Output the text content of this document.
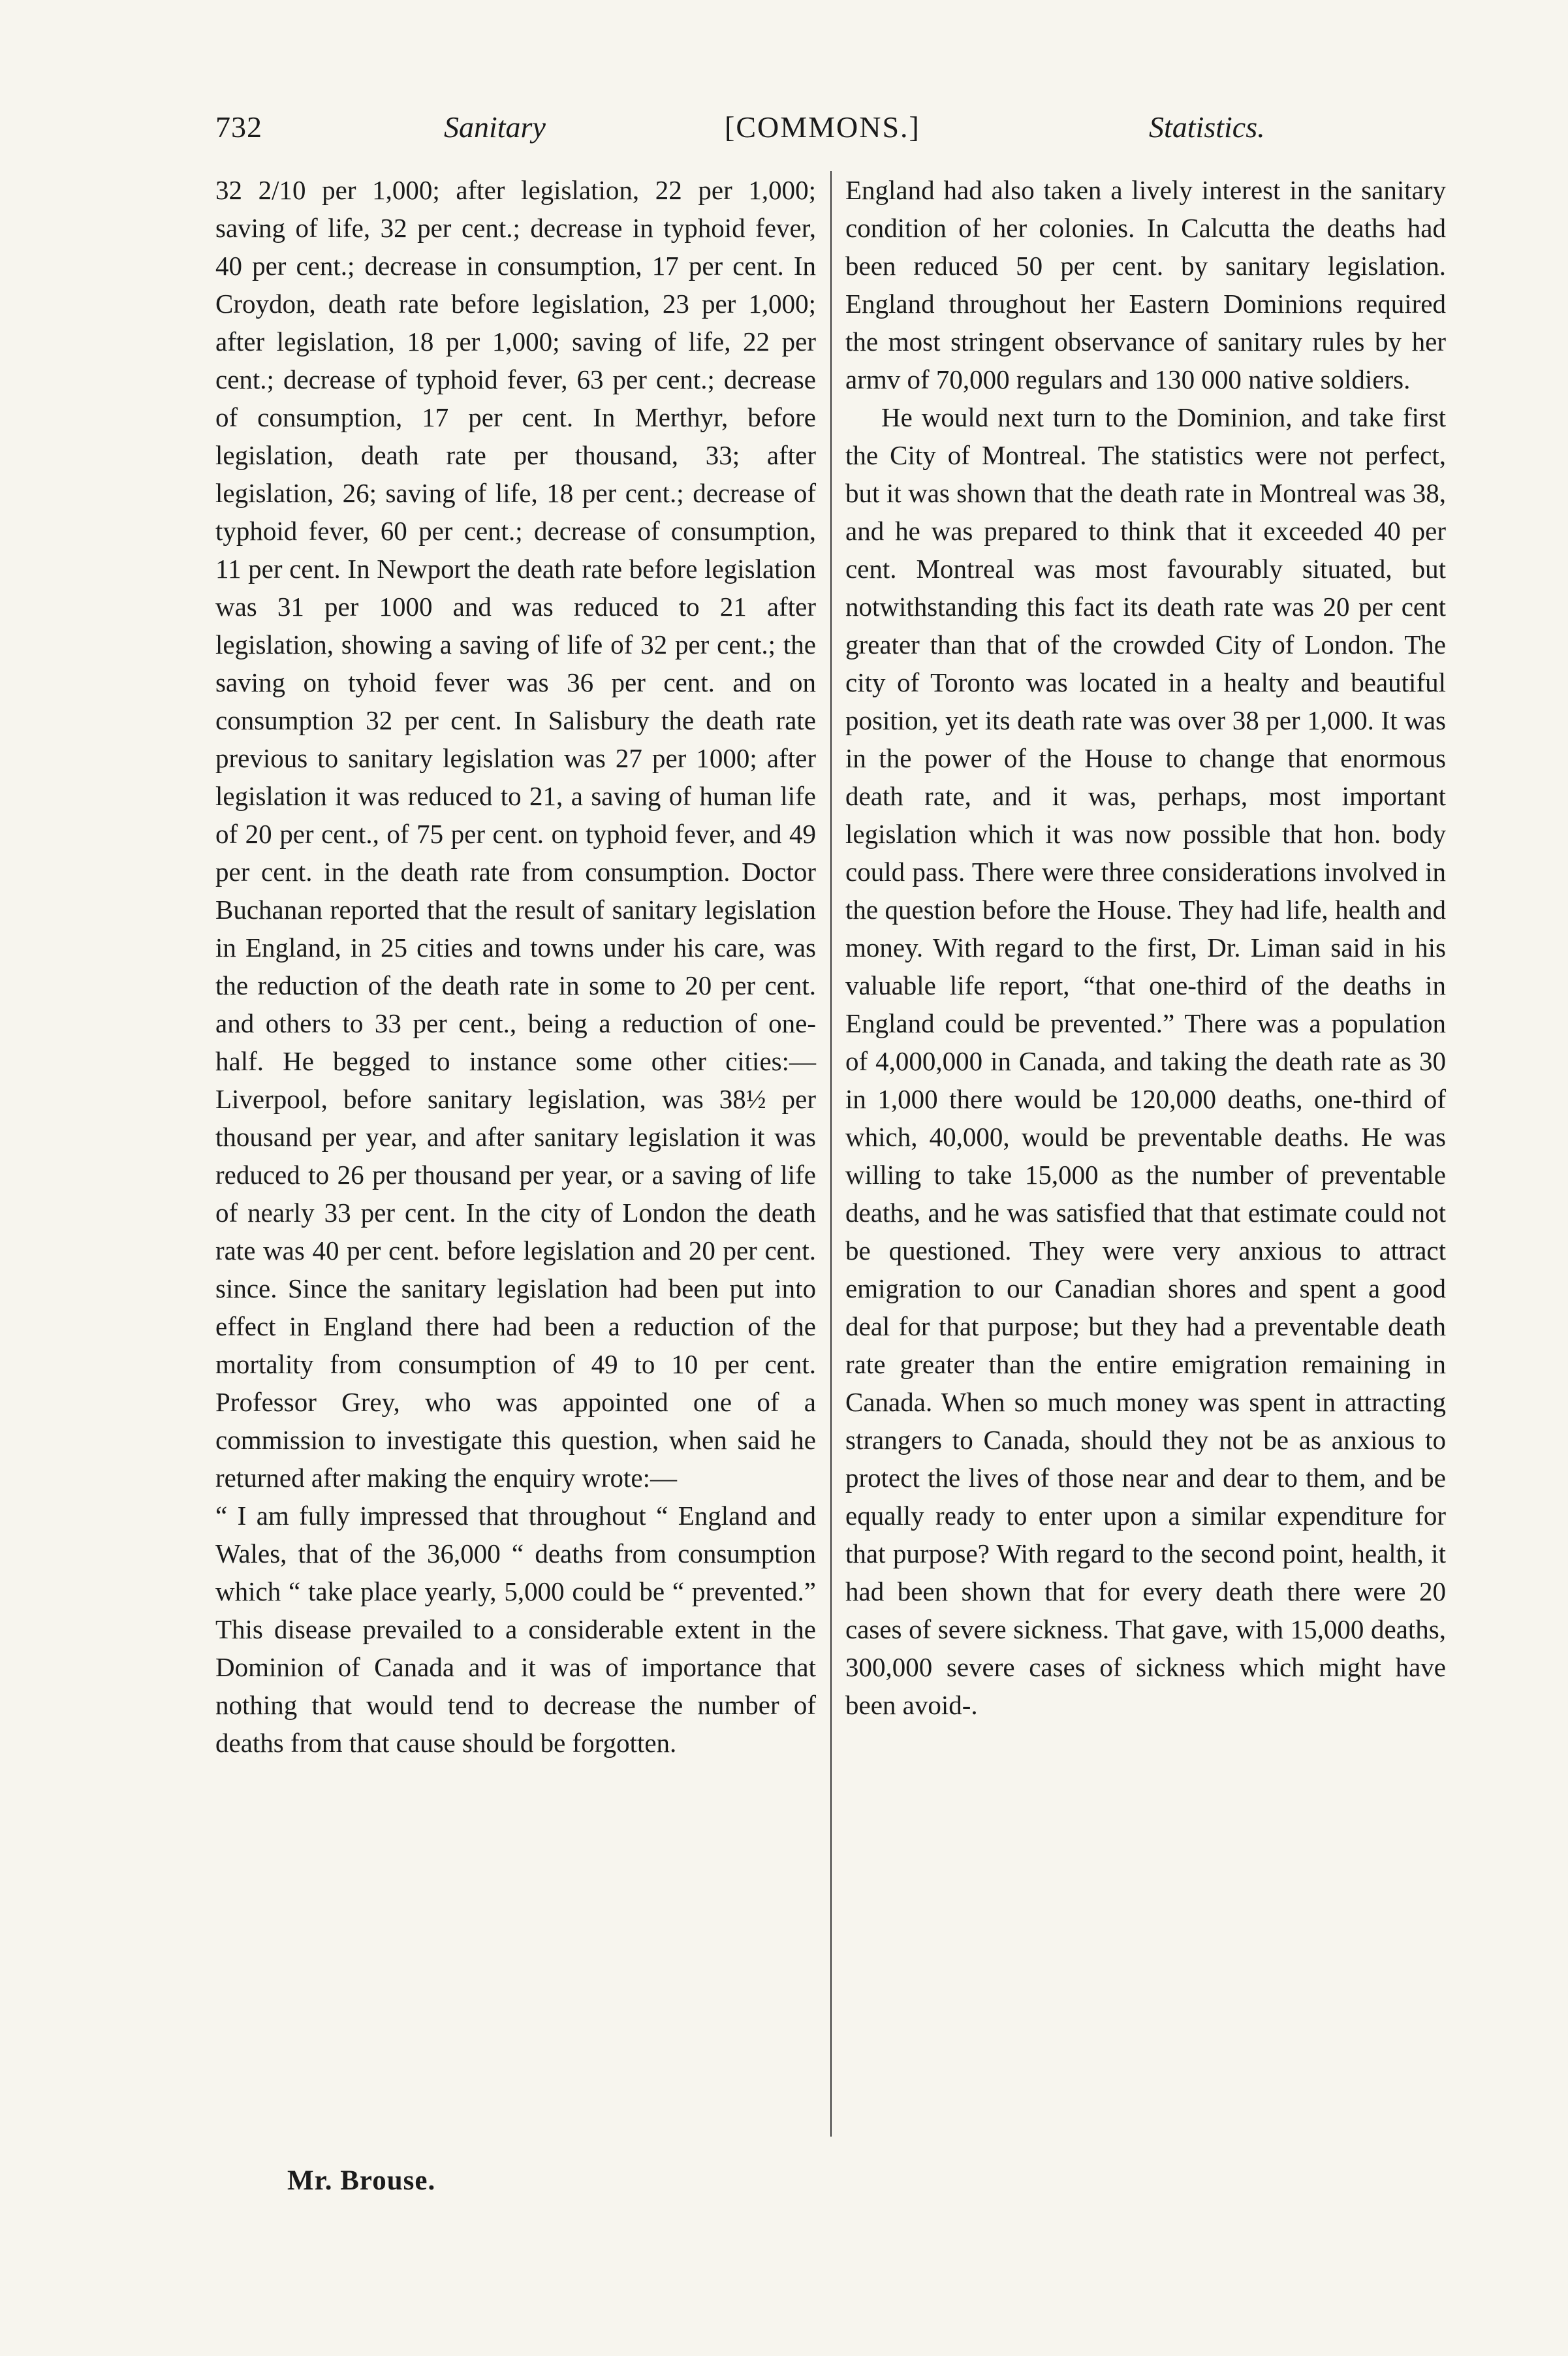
732	Sanitary	[COMMONS.]	Statistics.

32 2/10 per 1,000; after legislation, 22 per 1,000; saving of life, 32 per cent.; decrease in typhoid fever, 40 per cent.; decrease in consumption, 17 per cent. In Croydon, death rate before legislation, 23 per 1,000; after legislation, 18 per 1,000; saving of life, 22 per cent.; decrease of typhoid fever, 63 per cent.; decrease of consumption, 17 per cent. In Merthyr, before legislation, death rate per thousand, 33; after legislation, 26; saving of life, 18 per cent.; decrease of typhoid fever, 60 per cent.; decrease of consumption, 11 per cent. In Newport the death rate before legislation was 31 per 1000 and was reduced to 21 after legislation, showing a saving of life of 32 per cent.; the saving on tyhoid fever was 36 per cent. and on consumption 32 per cent. In Salisbury the death rate previous to sanitary legislation was 27 per 1000; after legislation it was reduced to 21, a saving of human life of 20 per cent., of 75 per cent. on typhoid fever, and 49 per cent. in the death rate from consumption. Doctor Buchanan reported that the result of sanitary legislation in England, in 25 cities and towns under his care, was the reduction of the death rate in some to 20 per cent. and others to 33 per cent., being a reduction of one-half. He begged to instance some other cities:—Liverpool, before sanitary legislation, was 38½ per thousand per year, and after sanitary legislation it was reduced to 26 per thousand per year, or a saving of life of nearly 33 per cent. In the city of London the death rate was 40 per cent. before legislation and 20 per cent. since. Since the sanitary legislation had been put into effect in England there had been a reduction of the mortality from consumption of 49 to 10 per cent. Professor Grey, who was appointed one of a commission to investigate this question, when said he returned after making the enquiry wrote:—

“ I am fully impressed that throughout “ England and Wales, that of the 36,000 “ deaths from consumption which “ take place yearly, 5,000 could be “ prevented.” This disease prevailed to a considerable extent in the Dominion of Canada and it was of importance that nothing that would tend to decrease the number of deaths from that cause should be forgotten.

England had also taken a lively interest in the sanitary condition of her colonies. In Calcutta the deaths had been reduced 50 per cent. by sanitary legislation. England throughout her Eastern Dominions required the most stringent observance of sanitary rules by her armv of 70,000 regulars and 130 000 native soldiers.

He would next turn to the Dominion, and take first the City of Montreal. The statistics were not perfect, but it was shown that the death rate in Montreal was 38, and he was prepared to think that it exceeded 40 per cent. Montreal was most favourably situated, but notwithstanding this fact its death rate was 20 per cent greater than that of the crowded City of London. The city of Toronto was located in a healty and beautiful position, yet its death rate was over 38 per 1,000. It was in the power of the House to change that enormous death rate, and it was, perhaps, most important legislation which it was now possible that hon. body could pass. There were three considerations involved in the question before the House. They had life, health and money. With regard to the first, Dr. Liman said in his valuable life report, “that one-third of the deaths in England could be prevented.” There was a population of 4,000,000 in Canada, and taking the death rate as 30 in 1,000 there would be 120,000 deaths, one-third of which, 40,000, would be preventable deaths. He was willing to take 15,000 as the number of preventable deaths, and he was satisfied that that estimate could not be questioned. They were very anxious to attract emigration to our Canadian shores and spent a good deal for that purpose; but they had a preventable death rate greater than the entire emigration remaining in Canada. When so much money was spent in attracting strangers to Canada, should they not be as anxious to protect the lives of those near and dear to them, and be equally ready to enter upon a similar expenditure for that purpose? With regard to the second point, health, it had been shown that for every death there were 20 cases of severe sickness. That gave, with 15,000 deaths, 300,000 severe cases of sickness which might have been avoid-.

Mr. Brouse.
